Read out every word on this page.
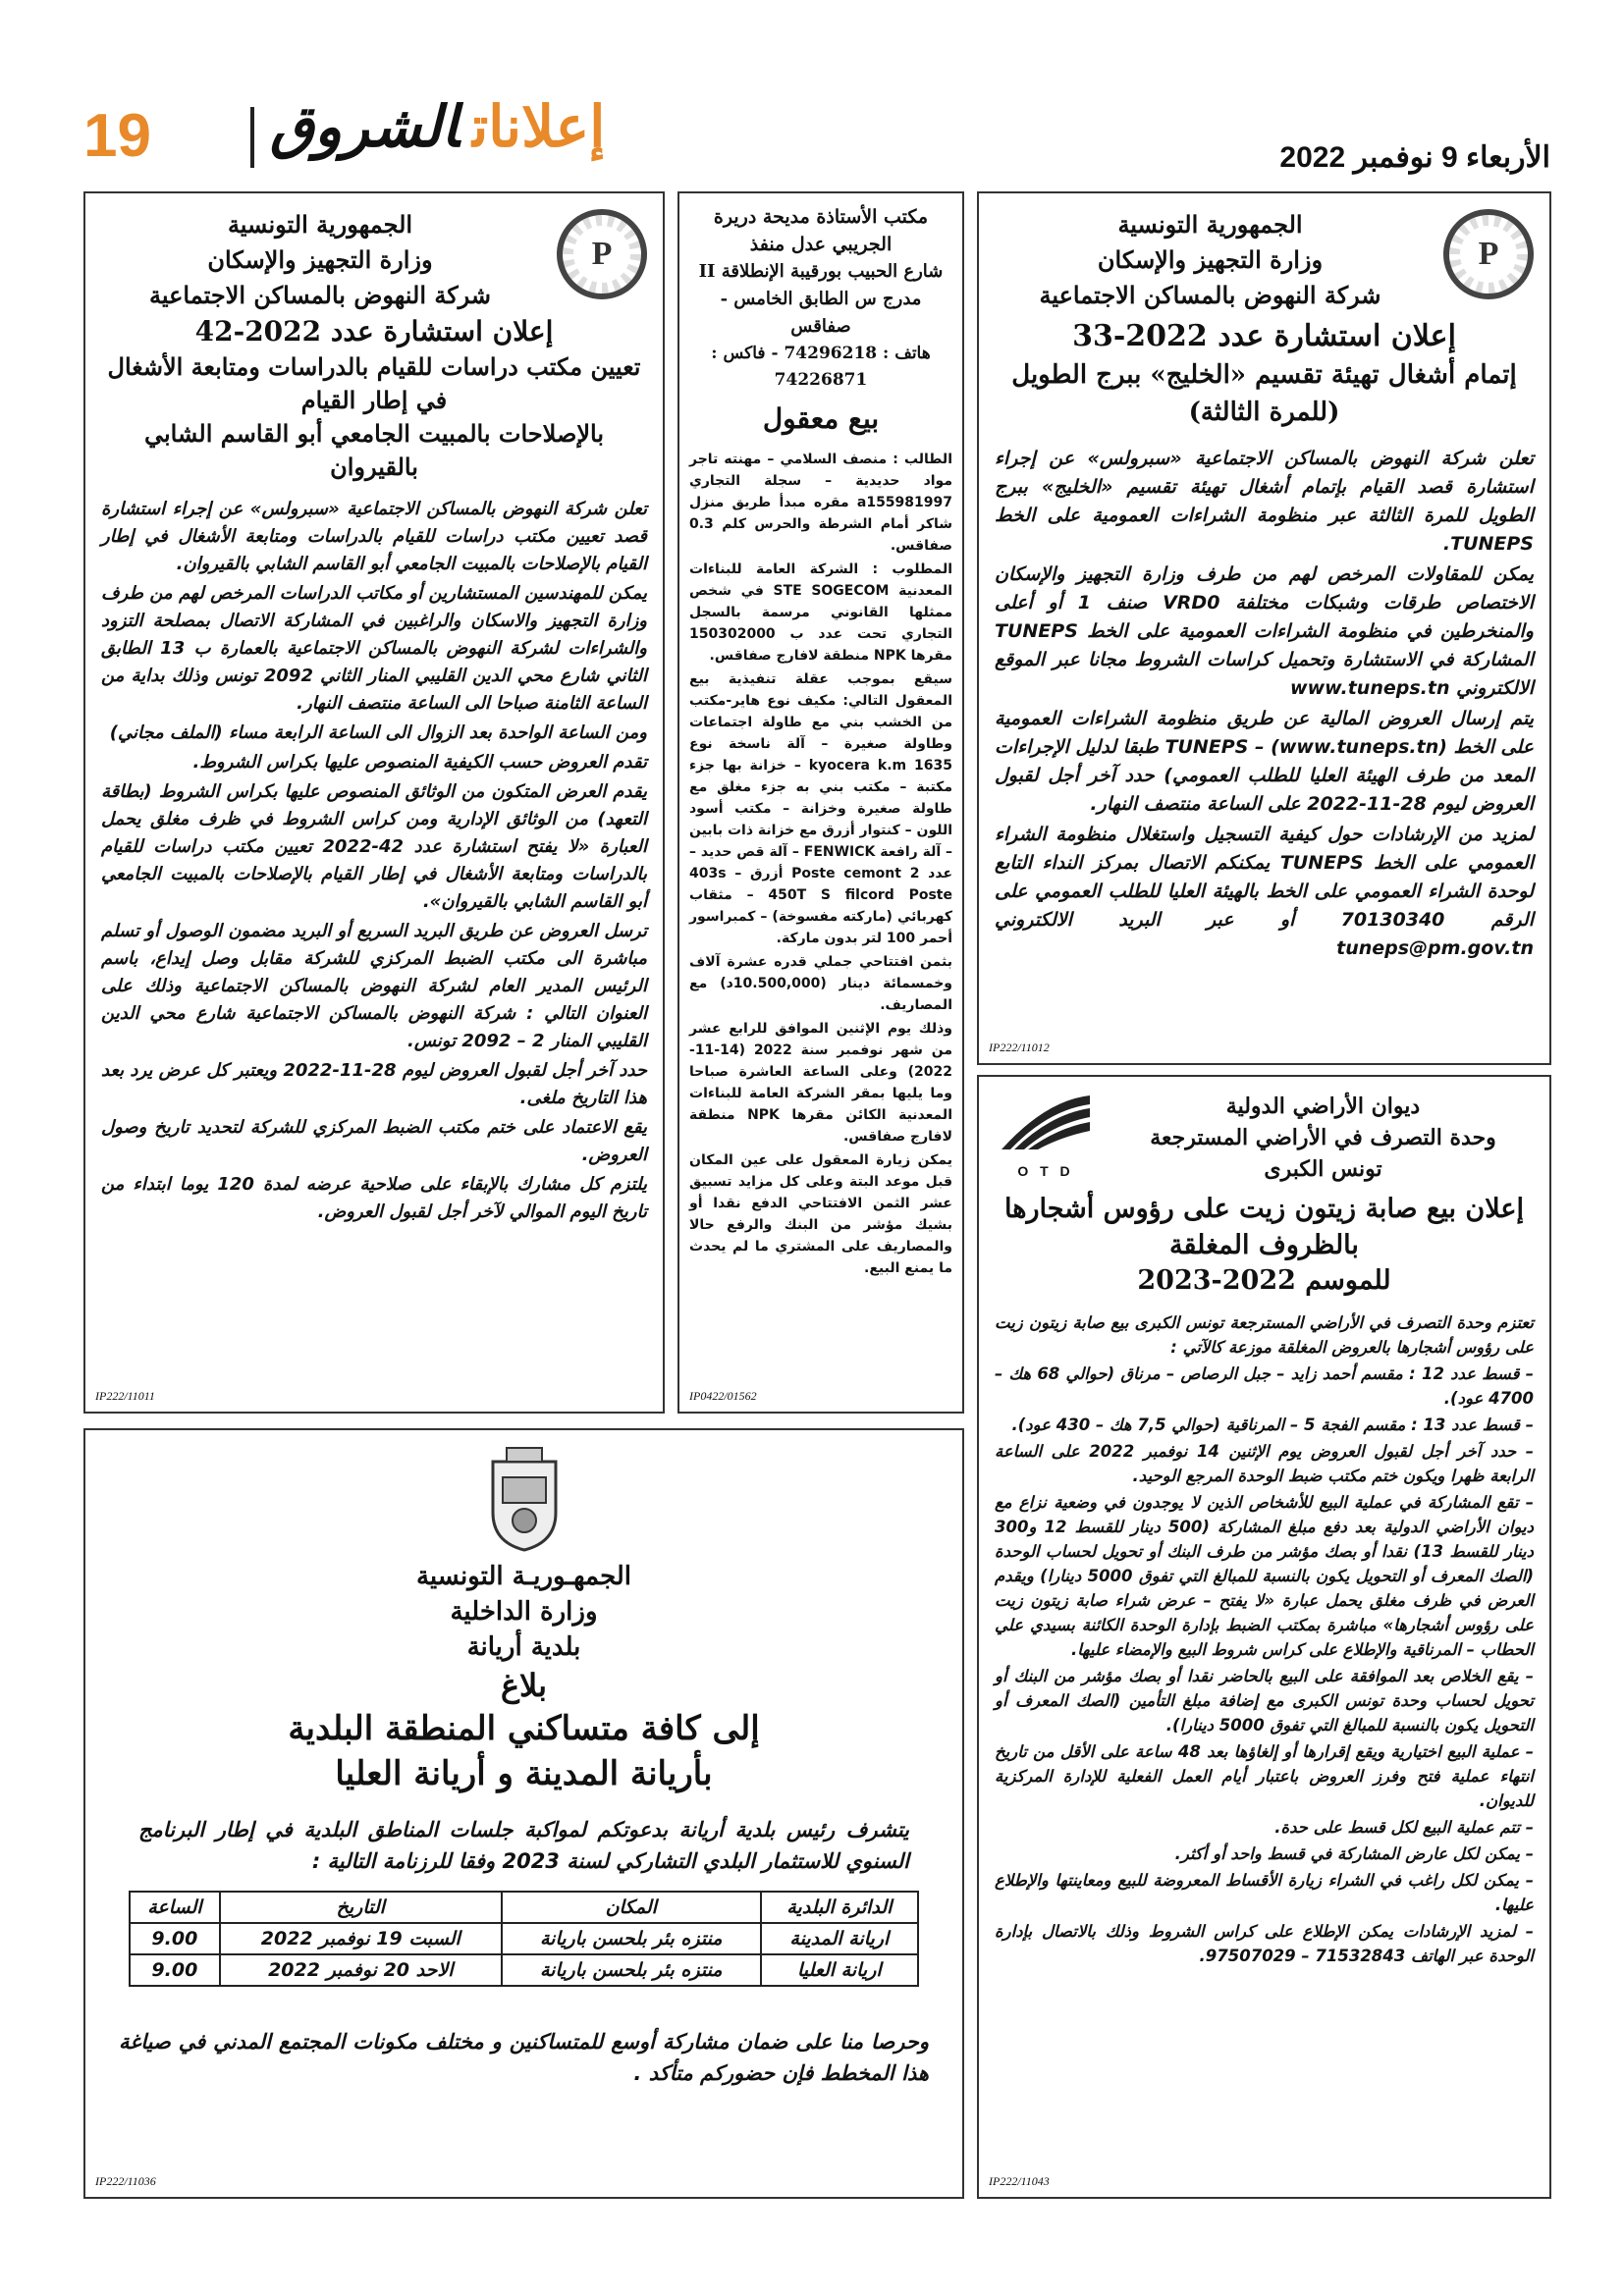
19	إعلاناتالشروق	الأربعاء 9 نوفمبر 2022
P
الجمهورية التونسية
وزارة التجهيز والإسكان
شركة النهوض بالمساكن الاجتماعية
إعلان استشارة عدد 2022-33
إتمام أشغال تهيئة تقسيم «الخليج» ببرج الطويل (للمرة الثالثة)

تعلن شركة النهوض بالمساكن الاجتماعية «سبرولس» عن إجراء استشارة قصد القيام بإتمام أشغال تهيئة تقسيم «الخليج» ببرج الطويل للمرة الثالثة عبر منظومة الشراءات العمومية على الخط TUNEPS.

يمكن للمقاولات المرخص لهم من طرف وزارة التجهيز والإسكان الاختصاص طرقات وشبكات مختلفة VRD0 صنف 1 أو أعلى والمنخرطين في منظومة الشراءات العمومية على الخط TUNEPS المشاركة في الاستشارة وتحميل كراسات الشروط مجانا عبر الموقع الالكتروني www.tuneps.tn

يتم إرسال العروض المالية عن طريق منظومة الشراءات العمومية على الخط TUNEPS – (www.tuneps.tn) طبقا لدليل الإجراءات المعد من طرف الهيئة العليا للطلب العمومي) حدد آخر أجل لقبول العروض ليوم 28-11-2022 على الساعة منتصف النهار.

لمزيد من الإرشادات حول كيفية التسجيل واستغلال منظومة الشراء العمومي على الخط TUNEPS يمكنكم الاتصال بمركز النداء التابع لوحدة الشراء العمومي على الخط بالهيئة العليا للطلب العمومي على الرقم 70130340 أو عبر البريد الالكتروني tuneps@pm.gov.tn

IP222/11012
مكتب الأستاذة مديحة دريرة الجريبي عدل منفذ
شارع الحبيب بورقيبة الإنطلاقة II مدرج س الطابق الخامس - صفاقس
هاتف : 74296218 - فاكس : 74226871
بيع معقول

الطالب : منصف السلامي – مهنته تاجر مواد حديدية – سجلة التجاري a155981997 مقره مبدأ طريق منزل شاكر أمام الشرطة والحرس كلم 0.3 صفاقس.

المطلوب : الشركة العامة للبناءات المعدنية STE SOGECOM في شخص ممثلها القانوني مرسمة بالسجل التجاري تحت عدد ب 150302000 مقرها NPK منطقة لافارج صفاقس.

سيقع بموجب عقلة تنفيذية بيع المعقول التالي: مكيف نوع هاير-مكتب من الخشب بني مع طاولة اجتماعات وطاولة صغيرة – آلة ناسخة نوع kyocera k.m 1635 – خزانة بها جزء مكتبة – مكتب بني به جزء مغلق مع طاولة صغيرة وخزانة – مكتب أسود اللون – كنتوار أزرق مع خزانة ذات بابين – آلة رافعة FENWICK – آلة قص حديد – عدد 2 Poste cemont أزرق 403s – 450T S filcord Poste – مثقاب كهربائي (ماركته مفسوخة) – كمبراسور أحمر 100 لتر بدون ماركة.

بثمن افتتاحي جملي قدره عشرة آلاف وخمسمائة دينار (10.500,000د) مع المصاريف.

وذلك يوم الإثنين الموافق للرابع عشر من شهر نوفمبر سنة 2022 (14-11-2022) وعلى الساعة العاشرة صباحا وما يليها بمقر الشركة العامة للبناءات المعدنية الكائن مقرها NPK منطقة لافارج صفاقس.

يمكن زيارة المعقول على عين المكان قبل موعد البتة وعلى كل مزايد تسبيق عشر الثمن الافتتاحي الدفع نقدا أو بشيك مؤشر من البنك والرفع حالا والمصاريف على المشتري ما لم يحدث ما يمنع البيع.

IP0422/01562
P
الجمهورية التونسية
وزارة التجهيز والإسكان
شركة النهوض بالمساكن الاجتماعية
إعلان استشارة عدد 2022-42
تعيين مكتب دراسات للقيام بالدراسات ومتابعة الأشغال في إطار القيام
بالإصلاحات بالمبيت الجامعي أبو القاسم الشابي بالقيروان

تعلن شركة النهوض بالمساكن الاجتماعية «سبرولس» عن إجراء استشارة قصد تعيين مكتب دراسات للقيام بالدراسات ومتابعة الأشغال في إطار القيام بالإصلاحات بالمبيت الجامعي أبو القاسم الشابي بالقيروان.

يمكن للمهندسين المستشارين أو مكاتب الدراسات المرخص لهم من طرف وزارة التجهيز والاسكان والراغبين في المشاركة الاتصال بمصلحة التزود والشراءات لشركة النهوض بالمساكن الاجتماعية بالعمارة ب 13 الطابق الثاني شارع محي الدين القليبي المنار الثاني 2092 تونس وذلك بداية من الساعة الثامنة صباحا الى الساعة منتصف النهار.

ومن الساعة الواحدة بعد الزوال الى الساعة الرابعة مساء (الملف مجاني)

تقدم العروض حسب الكيفية المنصوص عليها بكراس الشروط.

يقدم العرض المتكون من الوثائق المنصوص عليها بكراس الشروط (بطاقة التعهد) من الوثائق الإدارية ومن كراس الشروط في ظرف مغلق يحمل العبارة «لا يفتح استشارة عدد 42-2022 تعيين مكتب دراسات للقيام بالدراسات ومتابعة الأشغال في إطار القيام بالإصلاحات بالمبيت الجامعي أبو القاسم الشابي بالقيروان».

ترسل العروض عن طريق البريد السريع أو البريد مضمون الوصول أو تسلم مباشرة الى مكتب الضبط المركزي للشركة مقابل وصل إيداع، باسم الرئيس المدير العام لشركة النهوض بالمساكن الاجتماعية وذلك على العنوان التالي : شركة النهوض بالمساكن الاجتماعية شارع محي الدين القليبي المنار 2 – 2092 تونس.

حدد آخر أجل لقبول العروض ليوم 28-11-2022 ويعتبر كل عرض يرد بعد هذا التاريخ ملغى.

يقع الاعتماد على ختم مكتب الضبط المركزي للشركة لتحديد تاريخ وصول العروض.

يلتزم كل مشارك بالإبقاء على صلاحية عرضه لمدة 120 يوما ابتداء من تاريخ اليوم الموالي لآخر أجل لقبول العروض.

IP222/11011
O T D
ديوان الأراضي الدولية
وحدة التصرف في الأراضي المسترجعة
تونس الكبرى
إعلان بيع صابة زيتون زيت على رؤوس أشجارها
بالظروف المغلقة
للموسم 2022-2023

تعتزم وحدة التصرف في الأراضي المسترجعة تونس الكبرى بيع صابة زيتون زيت على رؤوس أشجارها بالعروض المغلقة موزعة كالآتي :

– قسط عدد 12 : مقسم أحمد زايد – جبل الرصاص – مرناق (حوالي 68 هك – 4700 عود).

– قسط عدد 13 : مقسم الفجة 5 – المرناقية (حوالي 7,5 هك – 430 عود).

– حدد آخر أجل لقبول العروض يوم الإثنين 14 نوفمبر 2022 على الساعة الرابعة ظهرا ويكون ختم مكتب ضبط الوحدة المرجع الوحيد.

– تقع المشاركة في عملية البيع للأشخاص الذين لا يوجدون في وضعية نزاع مع ديوان الأراضي الدولية بعد دفع مبلغ المشاركة (500 دينار للقسط 12 و300 دينار للقسط 13) نقدا أو بصك مؤشر من طرف البنك أو تحويل لحساب الوحدة (الصك المعرف أو التحويل يكون بالنسبة للمبالغ التي تفوق 5000 دينارا) ويقدم العرض في ظرف مغلق يحمل عبارة «لا يفتح – عرض شراء صابة زيتون زيت على رؤوس أشجارها» مباشرة بمكتب الضبط بإدارة الوحدة الكائنة بسيدي علي الحطاب – المرناقية والإطلاع على كراس شروط البيع والإمضاء عليها.

– يقع الخلاص بعد الموافقة على البيع بالحاضر نقدا أو بصك مؤشر من البنك أو تحويل لحساب وحدة تونس الكبرى مع إضافة مبلغ التأمين (الصك المعرف أو التحويل يكون بالنسبة للمبالغ التي تفوق 5000 دينارا).

– عملية البيع اختيارية ويقع إقرارها أو إلغاؤها بعد 48 ساعة على الأقل من تاريخ انتهاء عملية فتح وفرز العروض باعتبار أيام العمل الفعلية للإدارة المركزية للديوان.

– تتم عملية البيع لكل قسط على حدة.

– يمكن لكل عارض المشاركة في قسط واحد أو أكثر.

– يمكن لكل راغب في الشراء زيارة الأقساط المعروضة للبيع ومعاينتها والإطلاع عليها.

– لمزيد الإرشادات يمكن الإطلاع على كراس الشروط وذلك بالاتصال بإدارة الوحدة عبر الهاتف 71532843 – 97507029.

IP222/11043
الجمهـوريـة التونسية
وزارة الداخلية
بلدية أريانة
بلاغ
إلى كافة متساكني المنطقة البلدية
بأريانة المدينة و أريانة العليا
يتشرف رئيس بلدية أريانة بدعوتكم لمواكبة جلسات المناطق البلدية في إطار البرنامج السنوي للاستثمار البلدي التشاركي لسنة 2023 وفقا للرزنامة التالية :
الدائرة البلدية	المكان	التاريخ	الساعة
اريانة المدينة	منتزه بئر بلحسن باريانة	السبت 19 نوفمبر 2022	9.00
اريانة العليا	منتزه بئر بلحسن باريانة	الاحد 20 نوفمبر 2022	9.00
وحرصا منا على ضمان مشاركة أوسع للمتساكنين و مختلف مكونات المجتمع المدني في صياغة هذا المخطط فإن حضوركم متأكد .
IP222/11036
